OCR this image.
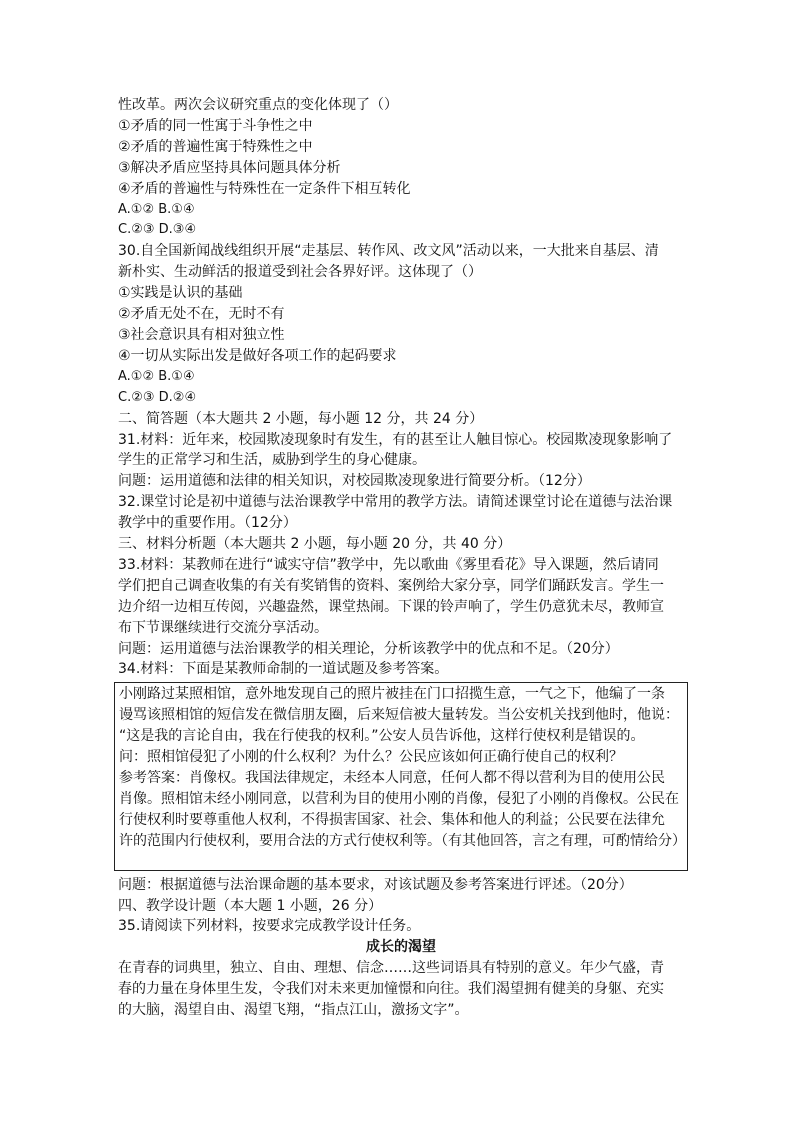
性改革。两次会议研究重点的变化体现了（）
①矛盾的同一性寓于斗争性之中
②矛盾的普遍性寓于特殊性之中
③解决矛盾应坚持具体问题具体分析
④矛盾的普遍性与特殊性在一定条件下相互转化
A.①② B.①④
C.②③ D.③④
30.自全国新闻战线组织开展“走基层、转作风、改文风”活动以来，一大批来自基层、清
新朴实、生动鲜活的报道受到社会各界好评。这体现了（）
①实践是认识的基础
②矛盾无处不在，无时不有
③社会意识具有相对独立性
④一切从实际出发是做好各项工作的起码要求
A.①② B.①④
C.②③ D.②④
二、简答题（本大题共 2 小题，每小题 12 分，共 24 分）
31.材料：近年来，校园欺凌现象时有发生，有的甚至让人触目惊心。校园欺凌现象影响了
学生的正常学习和生活，威胁到学生的身心健康。
问题：运用道德和法律的相关知识，对校园欺凌现象进行简要分析。（12分）
32.课堂讨论是初中道德与法治课教学中常用的教学方法。请简述课堂讨论在道德与法治课
教学中的重要作用。（12分）
三、材料分析题（本大题共 2 小题，每小题 20 分，共 40 分）
33.材料：某教师在进行“诚实守信”教学中，先以歌曲《雾里看花》导入课题，然后请同
学们把自己调查收集的有关有奖销售的资料、案例给大家分享，同学们踊跃发言。学生一
边介绍一边相互传阅，兴趣盎然，课堂热闹。下课的铃声响了，学生仍意犹未尽，教师宣
布下节课继续进行交流分享活动。
问题：运用道德与法治课教学的相关理论，分析该教学中的优点和不足。（20分）
34.材料：下面是某教师命制的一道试题及参考答案。
小刚路过某照相馆，意外地发现自己的照片被挂在门口招揽生意，一气之下，他编了一条
谩骂该照相馆的短信发在微信朋友圈，后来短信被大量转发。当公安机关找到他时，他说：
“这是我的言论自由，我在行使我的权利。”公安人员告诉他，这样行使权利是错误的。
问：照相馆侵犯了小刚的什么权利？为什么？公民应该如何正确行使自己的权利？
参考答案：肖像权。我国法律规定，未经本人同意，任何人都不得以营利为目的使用公民
肖像。照相馆未经小刚同意，以营利为目的使用小刚的肖像，侵犯了小刚的肖像权。公民在
行使权利时要尊重他人权利，不得损害国家、社会、集体和他人的利益；公民要在法律允
许的范围内行使权利，要用合法的方式行使权利等。（有其他回答，言之有理，可酌情给分）
问题：根据道德与法治课命题的基本要求，对该试题及参考答案进行评述。（20分）
四、教学设计题（本大题 1 小题，26 分）
35.请阅读下列材料，按要求完成教学设计任务。
成长的渴望
在青春的词典里，独立、自由、理想、信念……这些词语具有特别的意义。年少气盛，青
春的力量在身体里生发，令我们对未来更加憧憬和向往。我们渴望拥有健美的身躯、充实
的大脑，渴望自由、渴望飞翔，“指点江山，激扬文字”。
